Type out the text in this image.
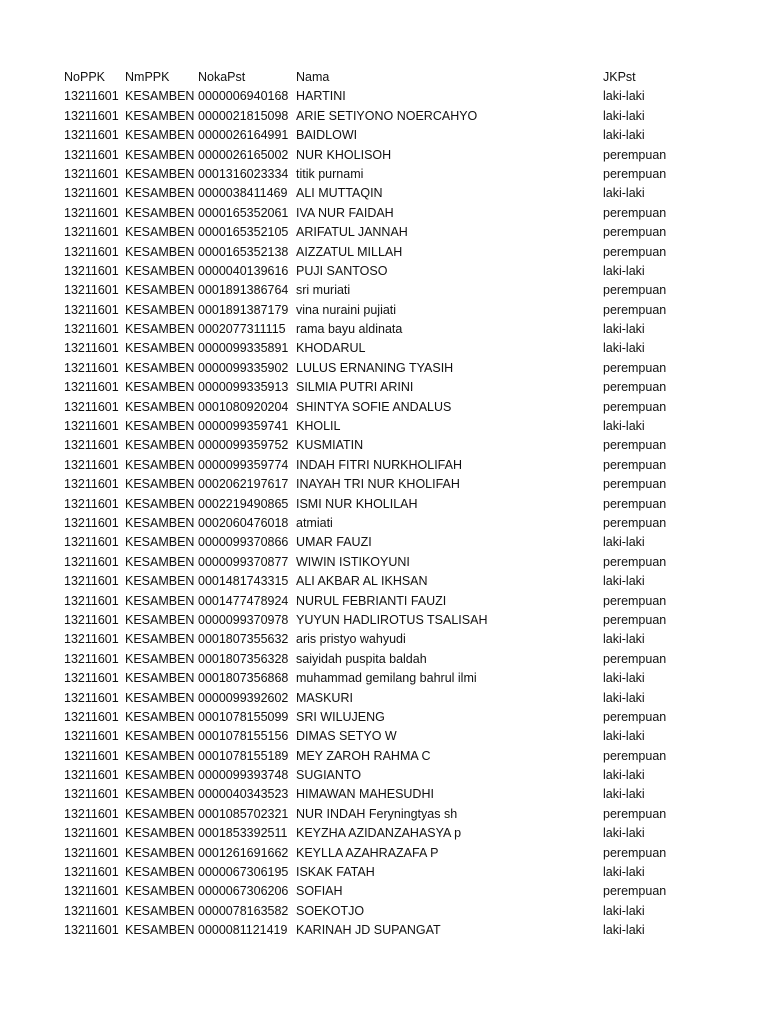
NoPPK NmPPK NokaPst	Nama	JKPst
13211601 KESAMBEN 0000006940168 HARTINI	laki-laki
13211601 KESAMBEN 0000021815098 ARIE SETIYONO NOERCAHYO	laki-laki
13211601 KESAMBEN 0000026164991 BAIDLOWI	laki-laki
13211601 KESAMBEN 0000026165002 NUR KHOLISOH	perempuan
13211601 KESAMBEN 0001316023334 titik purnami	perempuan
13211601 KESAMBEN 0000038411469 ALI MUTTAQIN	laki-laki
13211601 KESAMBEN 0000165352061 IVA NUR FAIDAH	perempuan
13211601 KESAMBEN 0000165352105 ARIFATUL JANNAH	perempuan
13211601 KESAMBEN 0000165352138 AIZZATUL MILLAH	perempuan
13211601 KESAMBEN 0000040139616 PUJI SANTOSO	laki-laki
13211601 KESAMBEN 0001891386764 sri muriati	perempuan
13211601 KESAMBEN 0001891387179 vina nuraini pujiati	perempuan
13211601 KESAMBEN 0002077311115 rama bayu aldinata	laki-laki
13211601 KESAMBEN 0000099335891 KHODARUL	laki-laki
13211601 KESAMBEN 0000099335902 LULUS ERNANING TYASIH	perempuan
13211601 KESAMBEN 0000099335913 SILMIA PUTRI ARINI	perempuan
13211601 KESAMBEN 0001080920204 SHINTYA SOFIE ANDALUS	perempuan
13211601 KESAMBEN 0000099359741 KHOLIL	laki-laki
13211601 KESAMBEN 0000099359752 KUSMIATIN	perempuan
13211601 KESAMBEN 0000099359774 INDAH FITRI NURKHOLIFAH	perempuan
13211601 KESAMBEN 0002062197617 INAYAH TRI NUR KHOLIFAH	perempuan
13211601 KESAMBEN 0002219490865 ISMI NUR KHOLILAH	perempuan
13211601 KESAMBEN 0002060476018 atmiati	perempuan
13211601 KESAMBEN 0000099370866 UMAR FAUZI	laki-laki
13211601 KESAMBEN 0000099370877 WIWIN ISTIKOYUNI	perempuan
13211601 KESAMBEN 0001481743315 ALI AKBAR AL IKHSAN	laki-laki
13211601 KESAMBEN 0001477478924 NURUL FEBRIANTI FAUZI	perempuan
13211601 KESAMBEN 0000099370978 YUYUN HADLIROTUS TSALISAH	perempuan
13211601 KESAMBEN 0001807355632 aris pristyo wahyudi	laki-laki
13211601 KESAMBEN 0001807356328 saiyidah puspita baldah	perempuan
13211601 KESAMBEN 0001807356868 muhammad gemilang bahrul ilmi	laki-laki
13211601 KESAMBEN 0000099392602 MASKURI	laki-laki
13211601 KESAMBEN 0001078155099 SRI WILUJENG	perempuan
13211601 KESAMBEN 0001078155156 DIMAS SETYO W	laki-laki
13211601 KESAMBEN 0001078155189 MEY ZAROH RAHMA C	perempuan
13211601 KESAMBEN 0000099393748 SUGIANTO	laki-laki
13211601 KESAMBEN 0000040343523 HIMAWAN MAHESUDHI	laki-laki
13211601 KESAMBEN 0001085702321 NUR INDAH Feryningtyas sh	perempuan
13211601 KESAMBEN 0001853392511 KEYZHA AZIDANZAHASYA p	laki-laki
13211601 KESAMBEN 0001261691662 KEYLLA AZAHRAZAFA P	perempuan
13211601 KESAMBEN 0000067306195 ISKAK FATAH	laki-laki
13211601 KESAMBEN 0000067306206 SOFIAH	perempuan
13211601 KESAMBEN 0000078163582 SOEKOTJO	laki-laki
13211601 KESAMBEN 0000081121419 KARINAH JD SUPANGAT	laki-laki
